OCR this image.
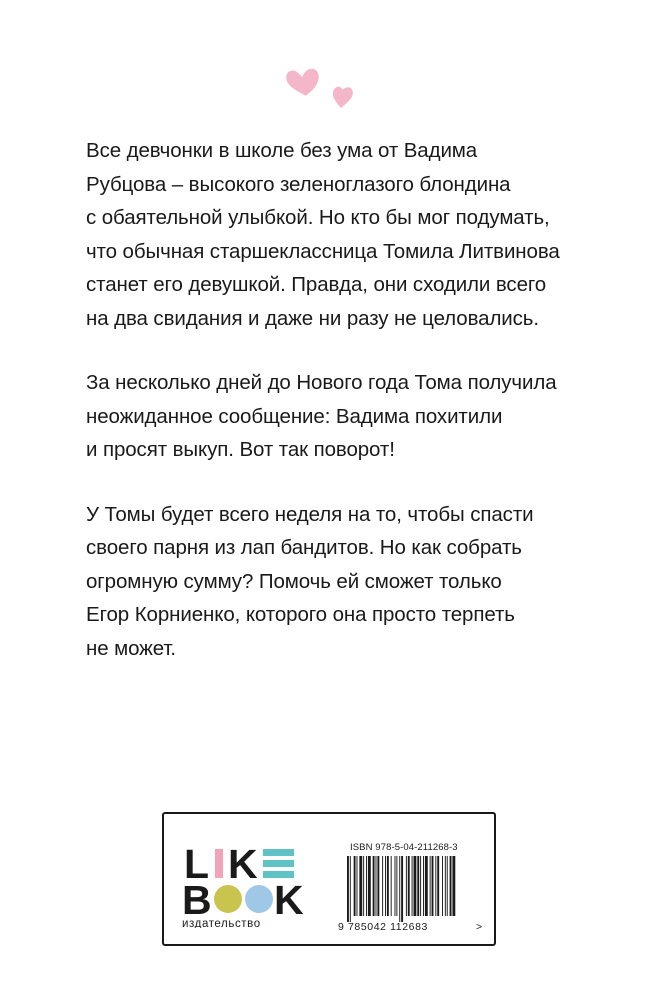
Все девчонки в школе без ума от Вадима
Рубцова – высокого зеленоглазого блондина
с обаятельной улыбкой. Но кто бы мог подумать,
что обычная старшеклассница Томила Литвинова
станет его девушкой. Правда, они сходили всего
на два свидания и даже ни разу не целовались.

За несколько дней до Нового года Тома получила
неожиданное сообщение: Вадима похитили
и просят выкуп. Вот так поворот!

У Томы будет всего неделя на то, чтобы спасти
своего парня из лап бандитов. Но как собрать
огромную сумму? Помочь ей сможет только
Егор Корниенко, которого она просто терпеть
не может.

L K
B K
издательство
ISBN 978-5-04-211268-3
9 785042 112683	>
